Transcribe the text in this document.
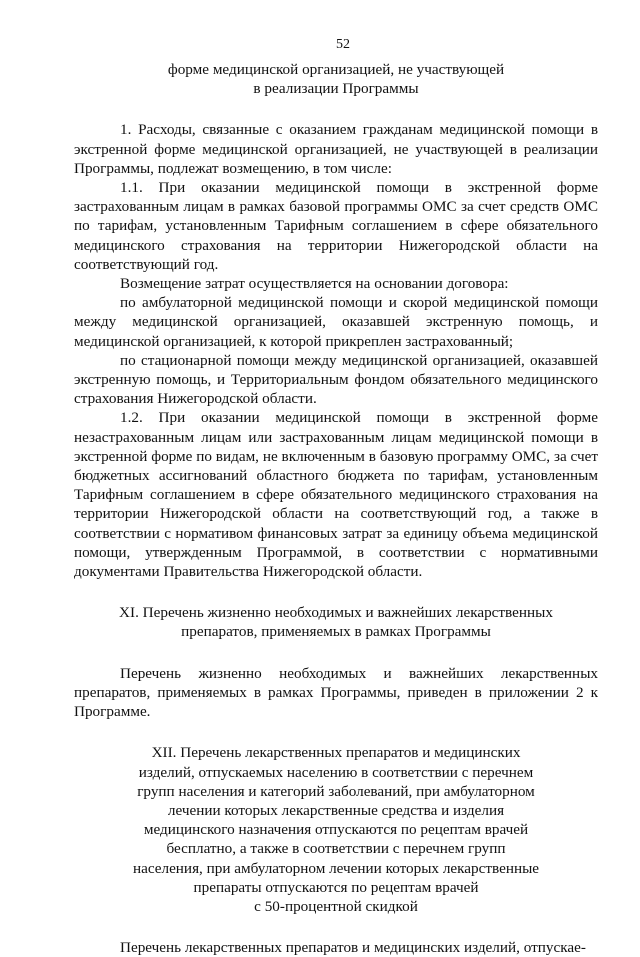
52
форме медицинской организацией, не участвующей
в реализации Программы

1. Расходы, связанные с оказанием гражданам медицинской помощи в экстренной форме медицинской организацией, не участвующей в реализации Программы, подлежат возмещению, в том числе:

1.1. При оказании медицинской помощи в экстренной форме застрахованным лицам в рамках базовой программы ОМС за счет средств ОМС по тарифам, установленным Тарифным соглашением в сфере обязательного медицинского страхования на территории Нижегородской области на соответствующий год.

Возмещение затрат осуществляется на основании договора:

по амбулаторной медицинской помощи и скорой медицинской помощи между медицинской организацией, оказавшей экстренную помощь, и медицинской организацией, к которой прикреплен застрахованный;

по стационарной помощи между медицинской организацией, оказавшей экстренную помощь, и Территориальным фондом обязательного медицинского страхования Нижегородской области.

1.2. При оказании медицинской помощи в экстренной форме незастрахованным лицам или застрахованным лицам медицинской помощи в экстренной форме по видам, не включенным в базовую программу ОМС, за счет бюджетных ассигнований областного бюджета по тарифам, установленным Тарифным соглашением в сфере обязательного медицинского страхования на территории Нижегородской области на соответствующий год, а также в соответствии с нормативом финансовых затрат за единицу объема медицинской помощи, утвержденным Программой, в соответствии с нормативными документами Правительства Нижегородской области.

XI. Перечень жизненно необходимых и важнейших лекарственных
препаратов, применяемых в рамках Программы

Перечень жизненно необходимых и важнейших лекарственных препаратов, применяемых в рамках Программы, приведен в приложении 2 к Программе.

XII. Перечень лекарственных препаратов и медицинских
изделий, отпускаемых населению в соответствии с перечнем
групп населения и категорий заболеваний, при амбулаторном
лечении которых лекарственные средства и изделия
медицинского назначения отпускаются по рецептам врачей
бесплатно, а также в соответствии с перечнем групп
населения, при амбулаторном лечении которых лекарственные
препараты отпускаются по рецептам врачей
с 50-процентной скидкой

Перечень лекарственных препаратов и медицинских изделий, отпускае-
